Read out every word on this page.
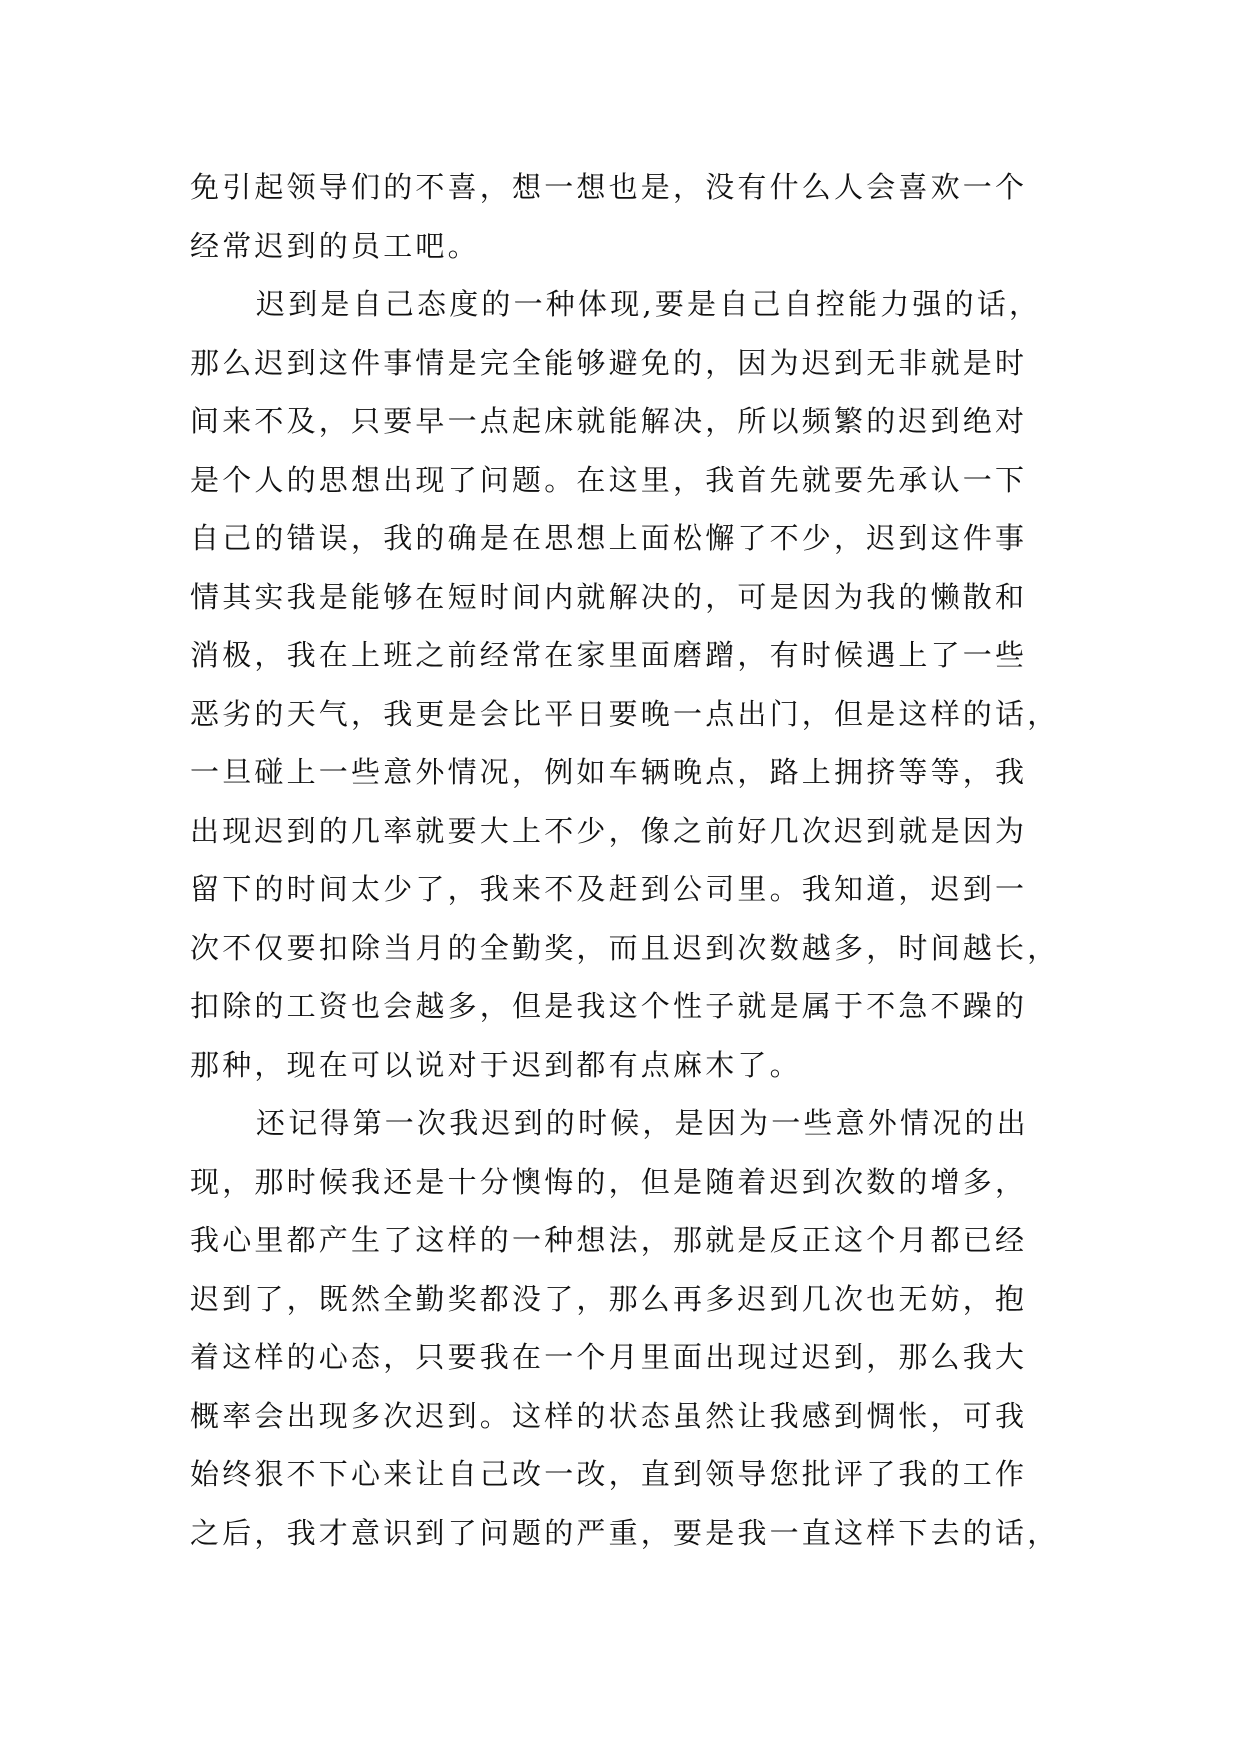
免引起领导们的不喜，想一想也是，没有什么人会喜欢一个
经常迟到的员工吧。
迟到是自己态度的一种体现,要是自己自控能力强的话，
那么迟到这件事情是完全能够避免的，因为迟到无非就是时
间来不及，只要早一点起床就能解决，所以频繁的迟到绝对
是个人的思想出现了问题。在这里，我首先就要先承认一下
自己的错误，我的确是在思想上面松懈了不少，迟到这件事
情其实我是能够在短时间内就解决的，可是因为我的懒散和
消极，我在上班之前经常在家里面磨蹭，有时候遇上了一些
恶劣的天气，我更是会比平日要晚一点出门，但是这样的话，
一旦碰上一些意外情况，例如车辆晚点，路上拥挤等等，我
出现迟到的几率就要大上不少，像之前好几次迟到就是因为
留下的时间太少了，我来不及赶到公司里。我知道，迟到一
次不仅要扣除当月的全勤奖，而且迟到次数越多，时间越长，
扣除的工资也会越多，但是我这个性子就是属于不急不躁的
那种，现在可以说对于迟到都有点麻木了。
还记得第一次我迟到的时候，是因为一些意外情况的出
现，那时候我还是十分懊悔的，但是随着迟到次数的增多，
我心里都产生了这样的一种想法，那就是反正这个月都已经
迟到了，既然全勤奖都没了，那么再多迟到几次也无妨，抱
着这样的心态，只要我在一个月里面出现过迟到，那么我大
概率会出现多次迟到。这样的状态虽然让我感到惆怅，可我
始终狠不下心来让自己改一改，直到领导您批评了我的工作
之后，我才意识到了问题的严重，要是我一直这样下去的话，
